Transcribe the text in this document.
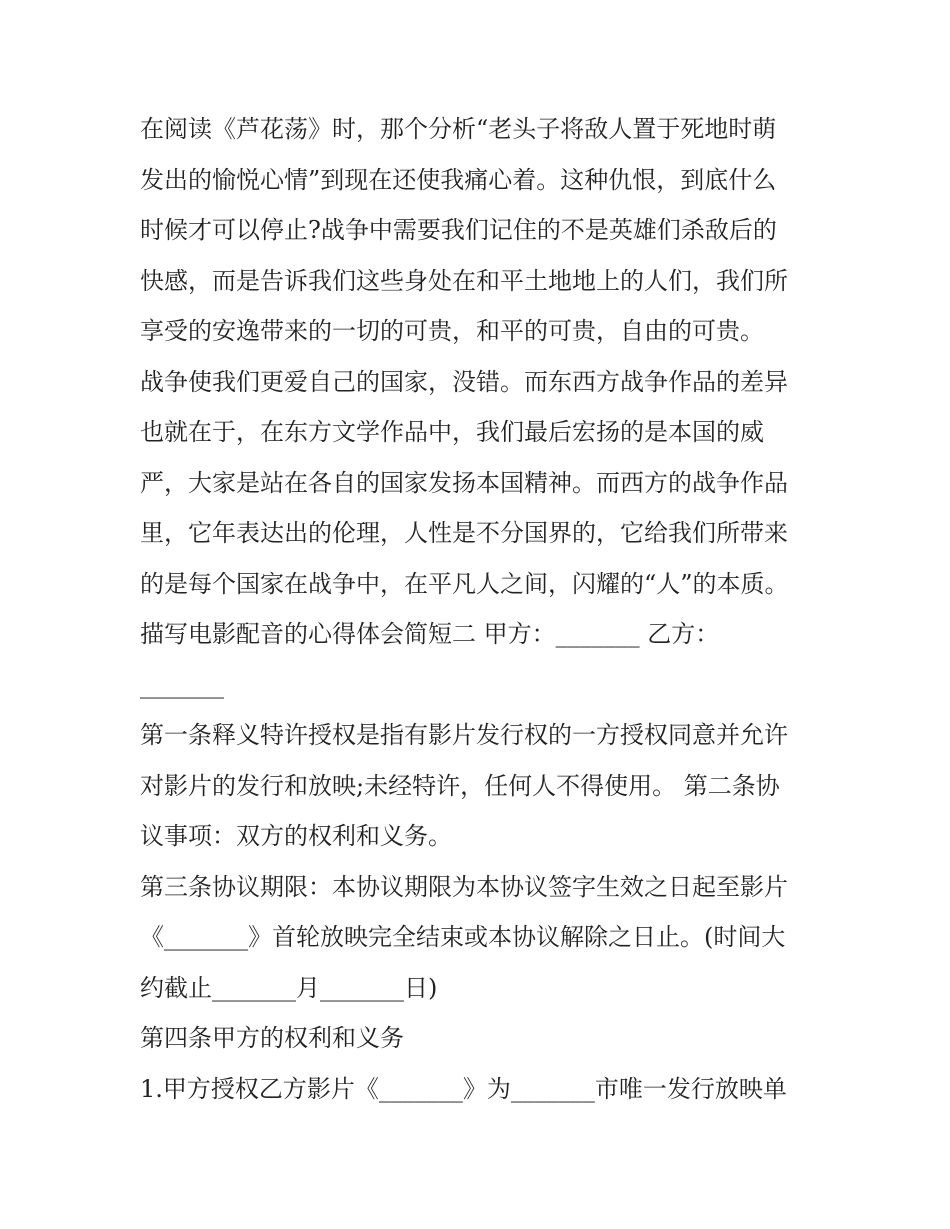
在阅读《芦花荡》时，那个分析“老头子将敌人置于死地时萌
发出的愉悦心情”到现在还使我痛心着。这种仇恨，到底什么
时候才可以停止?战争中需要我们记住的不是英雄们杀敌后的
快感，而是告诉我们这些身处在和平土地地上的人们，我们所
享受的安逸带来的一切的可贵，和平的可贵，自由的可贵。
战争使我们更爱自己的国家，没错。而东西方战争作品的差异
也就在于，在东方文学作品中，我们最后宏扬的是本国的威
严，大家是站在各自的国家发扬本国精神。而西方的战争作品
里，它年表达出的伦理，人性是不分国界的，它给我们所带来
的是每个国家在战争中，在平凡人之间，闪耀的“人”的本质。
描写电影配音的心得体会简短二 甲方：_______ 乙方：
_______
第一条释义特许授权是指有影片发行权的一方授权同意并允许
对影片的发行和放映;未经特许，任何人不得使用。 第二条协
议事项：双方的权利和义务。
第三条协议期限：本协议期限为本协议签字生效之日起至影片
《_______》首轮放映完全结束或本协议解除之日止。(时间大
约截止_______月_______日)
第四条甲方的权利和义务
1.甲方授权乙方影片《_______》为_______市唯一发行放映单
